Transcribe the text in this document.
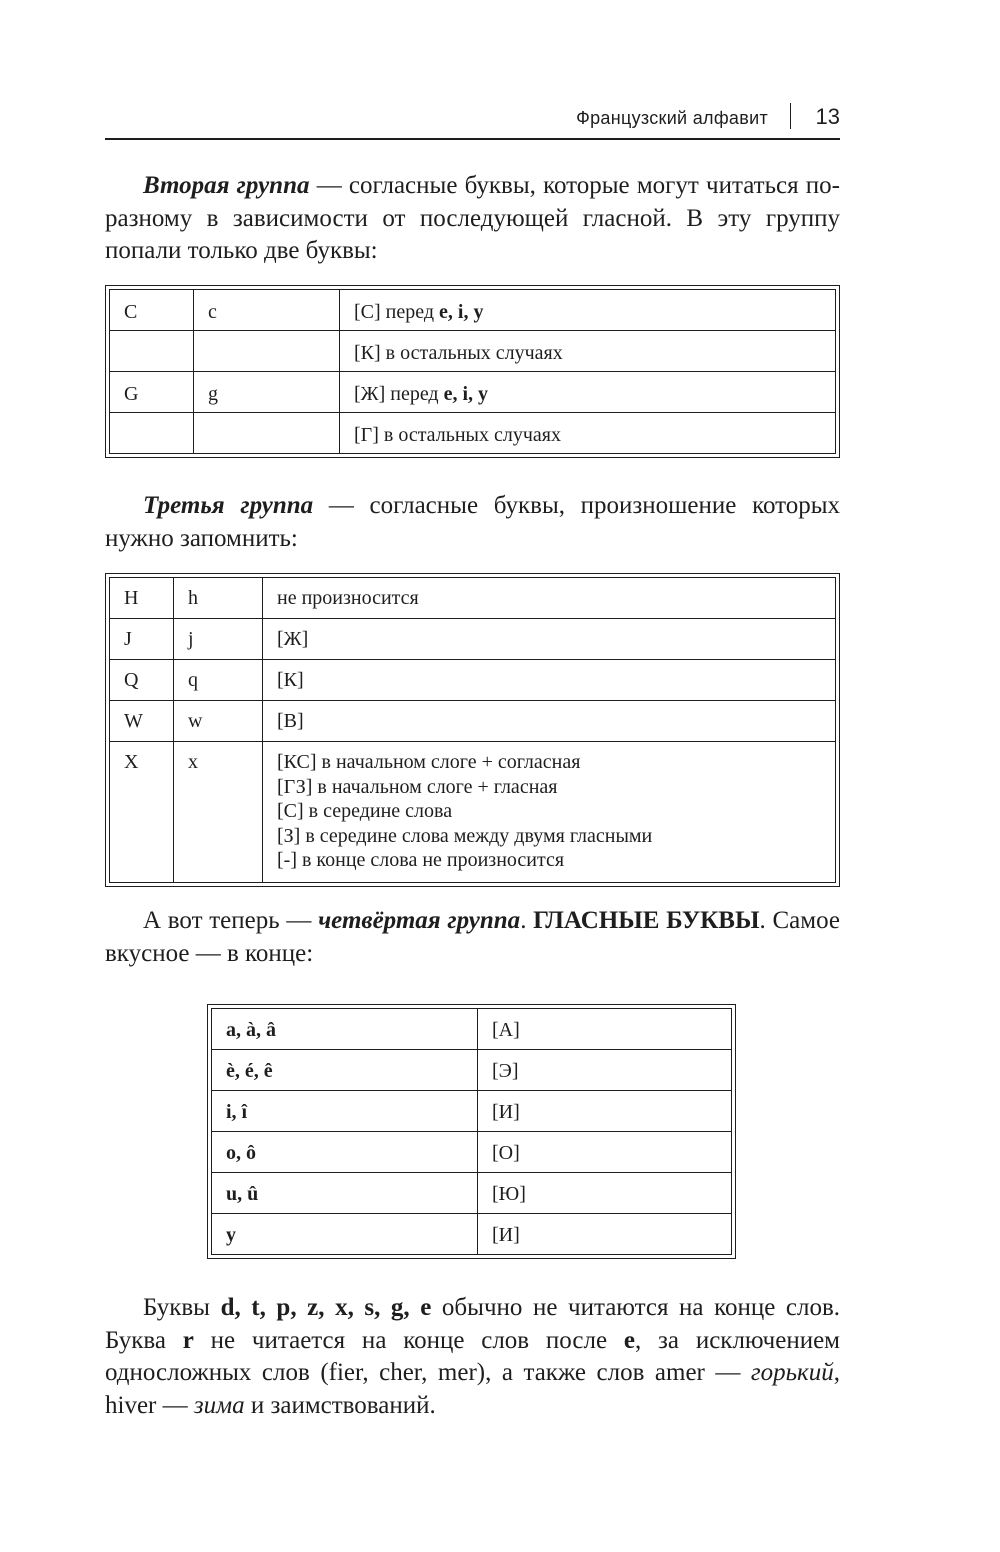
Французский алфавит 13

Вторая группа — согласные буквы, которые могут читаться по-разному в зависимости от последующей гласной. В эту группу попали только две буквы:

C	c	[С] перед e, i, y
		[К] в остальных случаях
G	g	[Ж] перед e, i, y
		[Г] в остальных случаях

Третья группа — согласные буквы, произношение которых нужно запомнить:

H	h	не произносится
J	j	[Ж]
Q	q	[К]
W	w	[В]
X	x	[КС] в начальном слоге + согласная
[ГЗ] в начальном слоге + гласная
[С] в середине слова
[З] в середине слова между двумя гласными
[-] в конце слова не произносится

А вот теперь — четвёртая группа. ГЛАСНЫЕ БУКВЫ. Самое вкусное — в конце:

a, à, â	[А]
è, é, ê	[Э]
i, î	[И]
o, ô	[О]
u, û	[Ю]
y	[И]

Буквы d, t, p, z, x, s, g, e обычно не читаются на конце слов. Буква r не читается на конце слов после e, за исключением односложных слов (fier, cher, mer), а также слов amer — горький, hiver — зима и заимствований.
